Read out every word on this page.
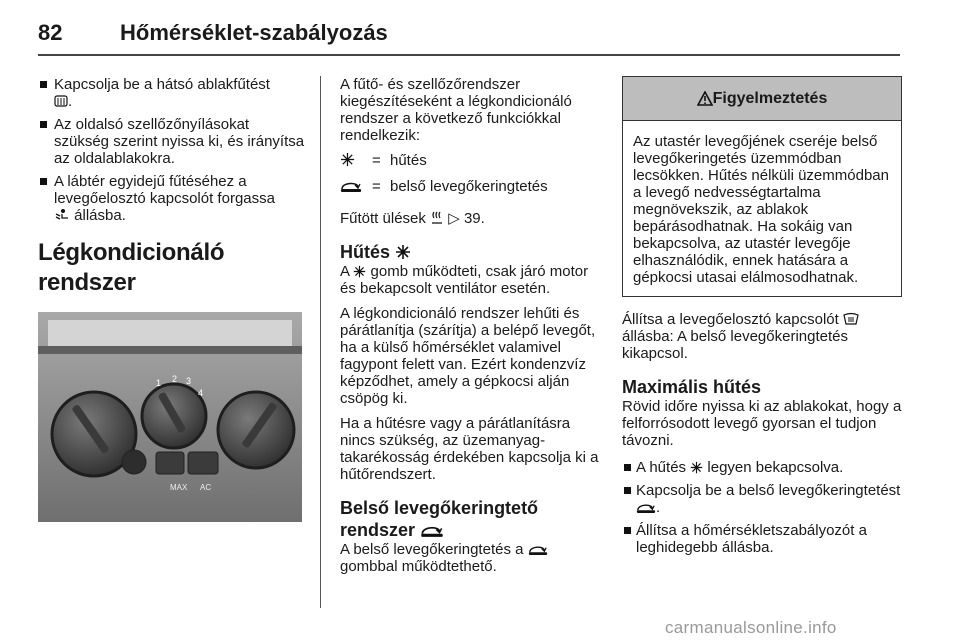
82	Hőmérséklet-szabályozás
Kapcsolja be a hátsó ablakfűtést
.
Az oldalsó szellőzőnyílásokat szükség szerint nyissa ki, és irányítsa az oldalablakokra.
A lábtér egyidejű fűtéséhez a levegőelosztó kapcsolót forgassa
állásba.
Légkondicionáló rendszer
1 2 3
4
MAX AC

A fűtő- és szellőzőrendszer kiegészítéseként a légkondicionáló rendszer a következő funkciókkal rendelkezik:

= hűtés
= belső levegőkeringtetés

Fűtött ülések ▷ 39.

Hűtés

A gomb működteti, csak járó motor és bekapcsolt ventilátor esetén.

A légkondicionáló rendszer lehűti és párátlanítja (szárítja) a belépő levegőt, ha a külső hőmérséklet valamivel fagypont felett van. Ezért kondenzvíz képződhet, amely a gépkocsi alján csöpög ki.

Ha a hűtésre vagy a párátlanításra nincs szükség, az üzemanyag-takarékosság érdekében kapcsolja ki a hűtőrendszert.

Belső levegőkeringtető
rendszer

A belső levegőkeringtetés a  gombbal működtethető.

Figyelmeztetés
Az utastér levegőjének cseréje belső levegőkeringetés üzemmódban lecsökken. Hűtés nélküli üzemmódban a levegő nedvességtartalma megnövekszik, az ablakok bepárásodhatnak. Ha sokáig van bekapcsolva, az utastér levegője elhasználódik, ennek hatására a gépkocsi utasai elálmosodhatnak.

Állítsa a levegőelosztó kapcsolót
állásba: A belső levegőkeringtetés kikapcsol.

Maximális hűtés

Rövid időre nyissa ki az ablakokat, hogy a felforrósodott levegő gyorsan el tudjon távozni.

A hűtés legyen bekapcsolva.
Kapcsolja be a belső levegőkeringtetést .
Állítsa a hőmérsékletszabályozót a leghidegebb állásba.
carmanualsonline.info
